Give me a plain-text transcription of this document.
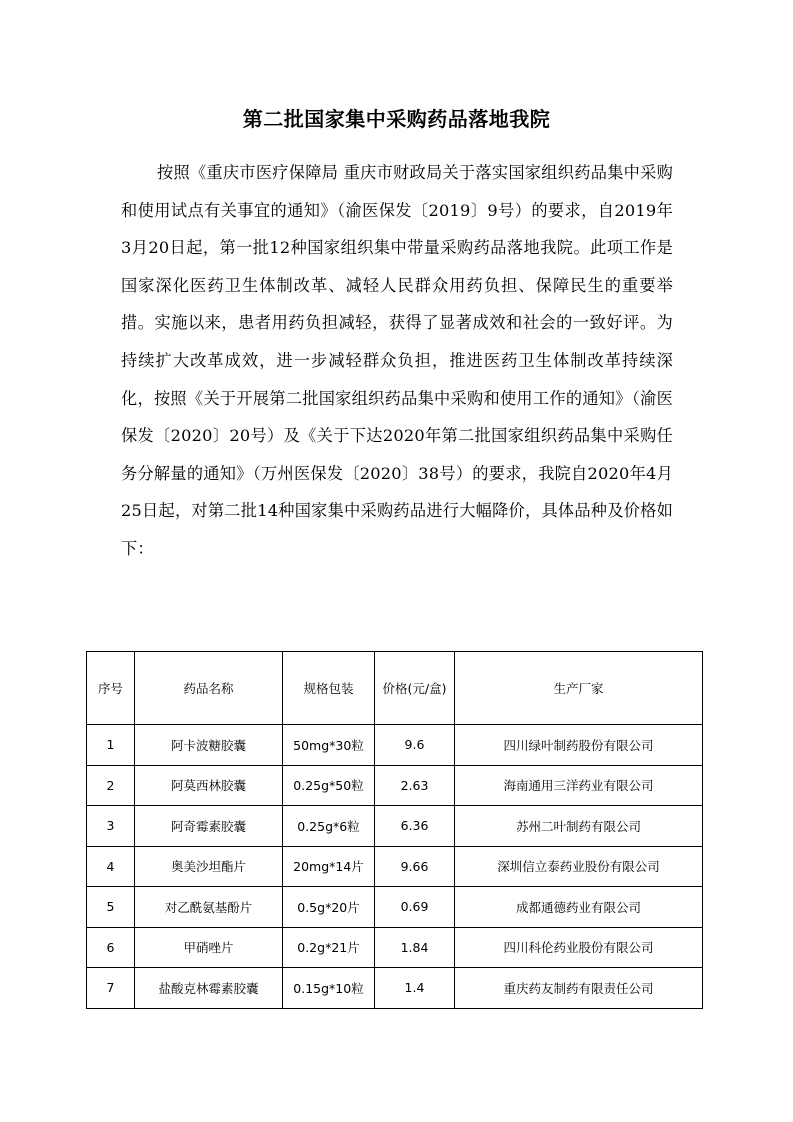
第二批国家集中采购药品落地我院

按照《重庆市医疗保障局 重庆市财政局关于落实国家组织药品集中采购和使用试点有关事宜的通知》（渝医保发〔2019〕9号）的要求，自2019年3月20日起，第一批12种国家组织集中带量采购药品落地我院。此项工作是国家深化医药卫生体制改革、减轻人民群众用药负担、保障民生的重要举措。实施以来，患者用药负担减轻，获得了显著成效和社会的一致好评。为持续扩大改革成效，进一步减轻群众负担，推进医药卫生体制改革持续深化，按照《关于开展第二批国家组织药品集中采购和使用工作的通知》（渝医保发〔2020〕20号）及《关于下达2020年第二批国家组织药品集中采购任务分解量的通知》（万州医保发〔2020〕38号）的要求，我院自2020年4月25日起，对第二批14种国家集中采购药品进行大幅降价，具体品种及价格如下：

序号	药品名称	规格包装	价格(元/盒)	生产厂家
1	阿卡波糖胶囊	50mg*30粒	9.6	四川绿叶制药股份有限公司
2	阿莫西林胶囊	0.25g*50粒	2.63	海南通用三洋药业有限公司
3	阿奇霉素胶囊	0.25g*6粒	6.36	苏州二叶制药有限公司
4	奥美沙坦酯片	20mg*14片	9.66	深圳信立泰药业股份有限公司
5	对乙酰氨基酚片	0.5g*20片	0.69	成都通德药业有限公司
6	甲硝唑片	0.2g*21片	1.84	四川科伦药业股份有限公司
7	盐酸克林霉素胶囊	0.15g*10粒	1.4	重庆药友制药有限责任公司
